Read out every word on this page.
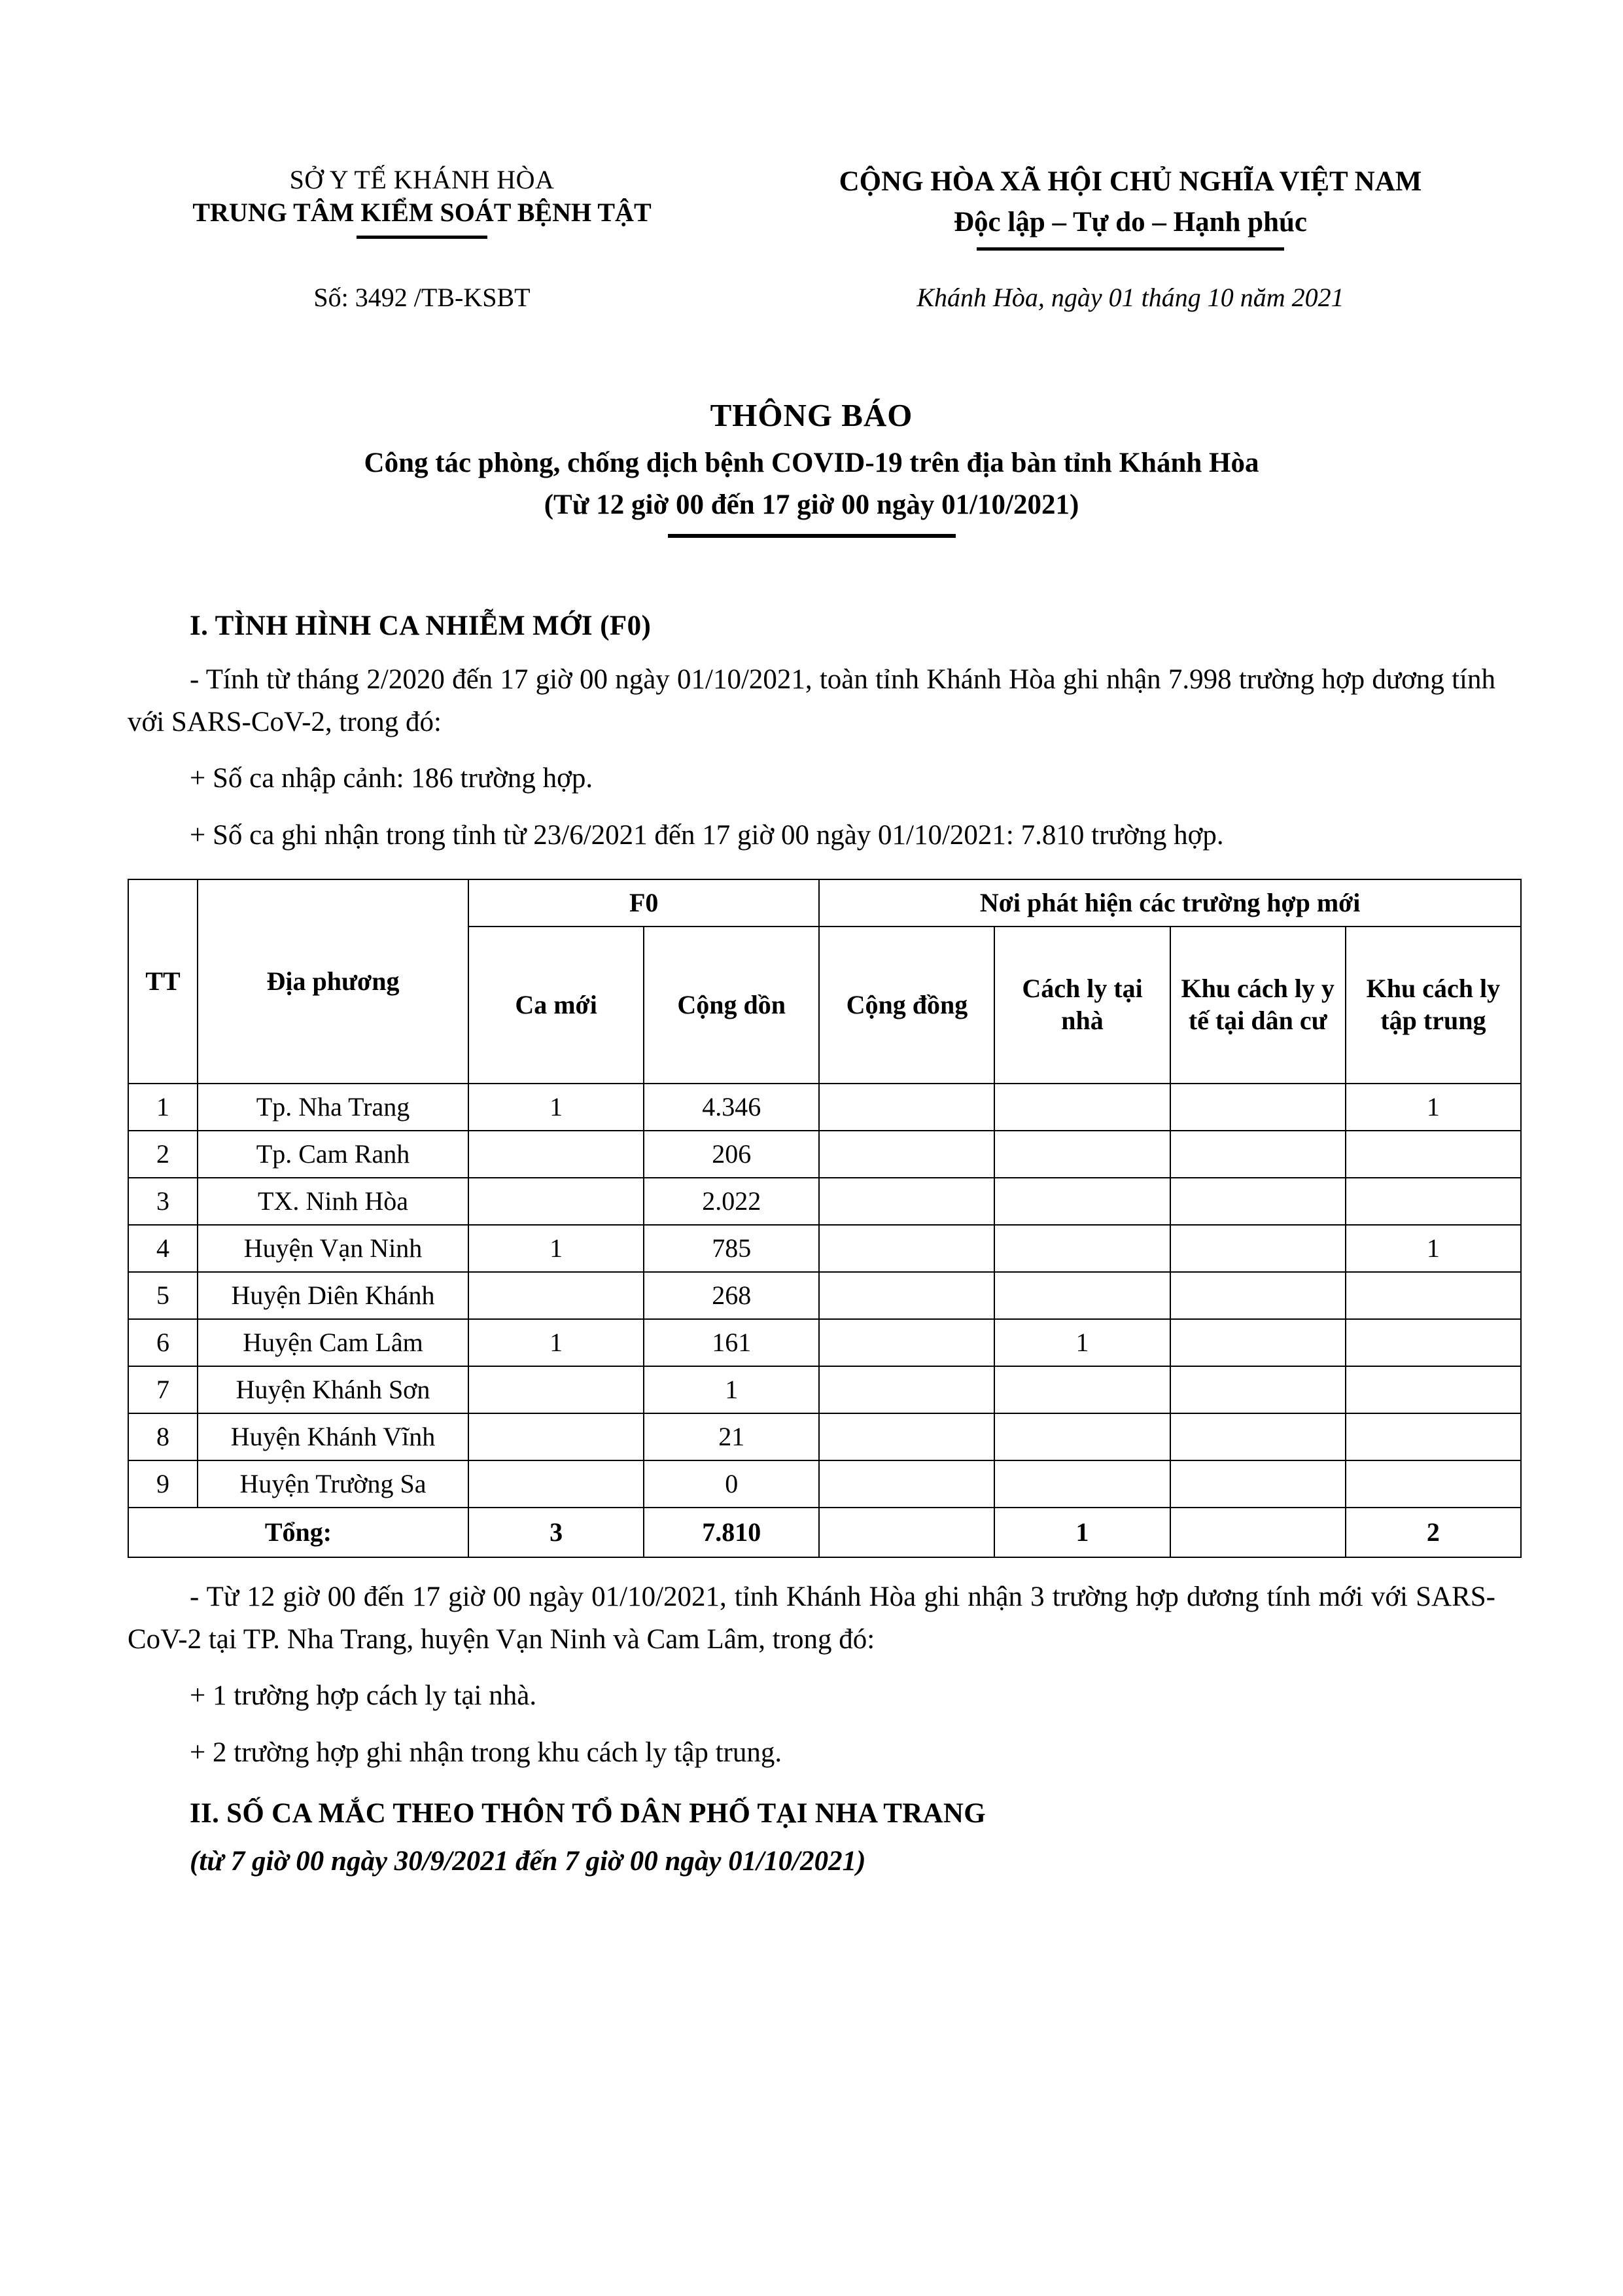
SỞ Y TẾ KHÁNH HÒA
TRUNG TÂM KIỂM SOÁT BỆNH TẬT
CỘNG HÒA XÃ HỘI CHỦ NGHĨA VIỆT NAM
Độc lập – Tự do – Hạnh phúc
Số: 3492 /TB-KSBT	Khánh Hòa, ngày 01 tháng 10 năm 2021
THÔNG BÁO
Công tác phòng, chống dịch bệnh COVID-19 trên địa bàn tỉnh Khánh Hòa
(Từ 12 giờ 00 đến 17 giờ 00 ngày 01/10/2021)
I. TÌNH HÌNH CA NHIỄM MỚI (F0)
- Tính từ tháng 2/2020 đến 17 giờ 00 ngày 01/10/2021, toàn tỉnh Khánh Hòa ghi nhận 7.998 trường hợp dương tính với SARS-CoV-2, trong đó:
+ Số ca nhập cảnh: 186 trường hợp.
+ Số ca ghi nhận trong tỉnh từ 23/6/2021 đến 17 giờ 00 ngày 01/10/2021: 7.810 trường hợp.
TT	Địa phương	F0		Nơi phát hiện các trường hợp mới			
		Ca mới	Cộng dồn	Cộng đồng	Cách ly tại nhà	Khu cách ly y tế tại dân cư	Khu cách ly tập trung
1	Tp. Nha Trang	1	4.346				1
2	Tp. Cam Ranh		206				
3	TX. Ninh Hòa		2.022				
4	Huyện Vạn Ninh	1	785				1
5	Huyện Diên Khánh		268				
6	Huyện Cam Lâm	1	161		1		
7	Huyện Khánh Sơn		1				
8	Huyện Khánh Vĩnh		21				
9	Huyện Trường Sa		0				
Tổng:		3	7.810		1		2
- Từ 12 giờ 00 đến 17 giờ 00 ngày 01/10/2021, tỉnh Khánh Hòa ghi nhận 3 trường hợp dương tính mới với SARS-CoV-2 tại TP. Nha Trang, huyện Vạn Ninh và Cam Lâm, trong đó:
+ 1 trường hợp cách ly tại nhà.
+ 2 trường hợp ghi nhận trong khu cách ly tập trung.
II. SỐ CA MẮC THEO THÔN TỔ DÂN PHỐ TẠI NHA TRANG
(từ 7 giờ 00 ngày 30/9/2021 đến 7 giờ 00 ngày 01/10/2021)
